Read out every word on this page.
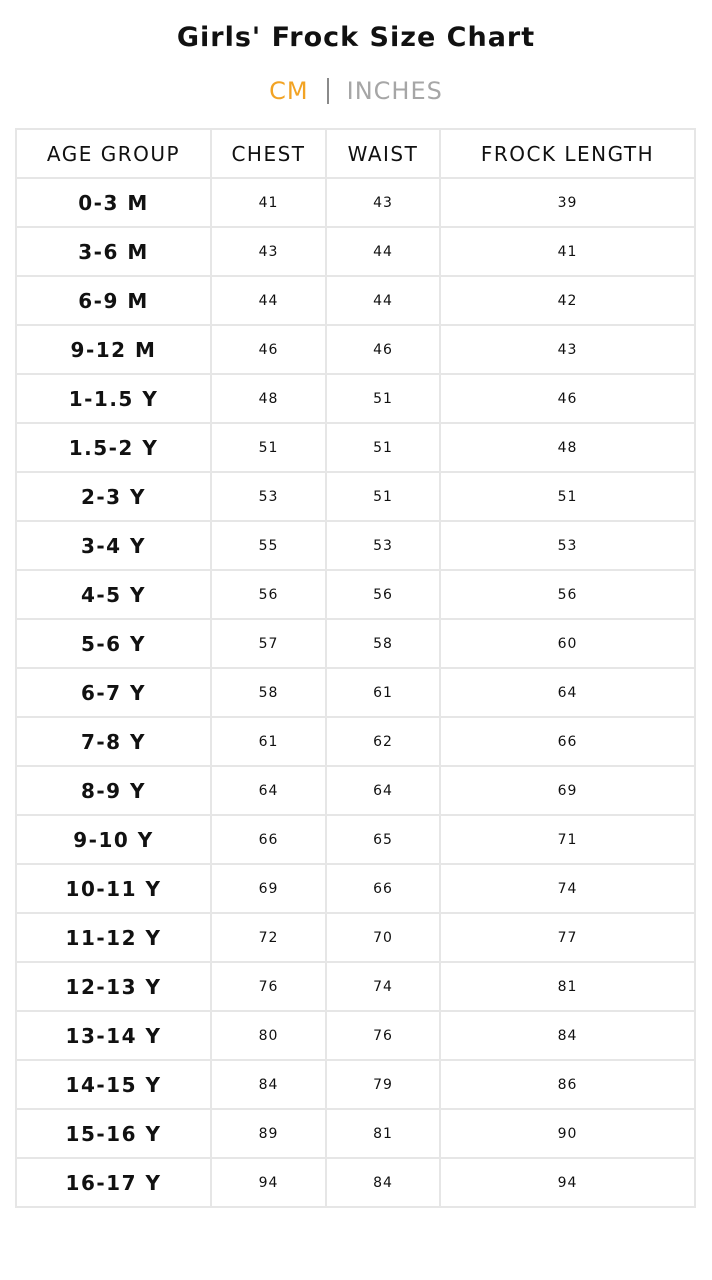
Girls' Frock Size Chart
CM INCHES
AGE GROUP	CHEST	WAIST	FROCK LENGTH
0-3 M	41	43	39
3-6 M	43	44	41
6-9 M	44	44	42
9-12 M	46	46	43
1-1.5 Y	48	51	46
1.5-2 Y	51	51	48
2-3 Y	53	51	51
3-4 Y	55	53	53
4-5 Y	56	56	56
5-6 Y	57	58	60
6-7 Y	58	61	64
7-8 Y	61	62	66
8-9 Y	64	64	69
9-10 Y	66	65	71
10-11 Y	69	66	74
11-12 Y	72	70	77
12-13 Y	76	74	81
13-14 Y	80	76	84
14-15 Y	84	79	86
15-16 Y	89	81	90
16-17 Y	94	84	94
